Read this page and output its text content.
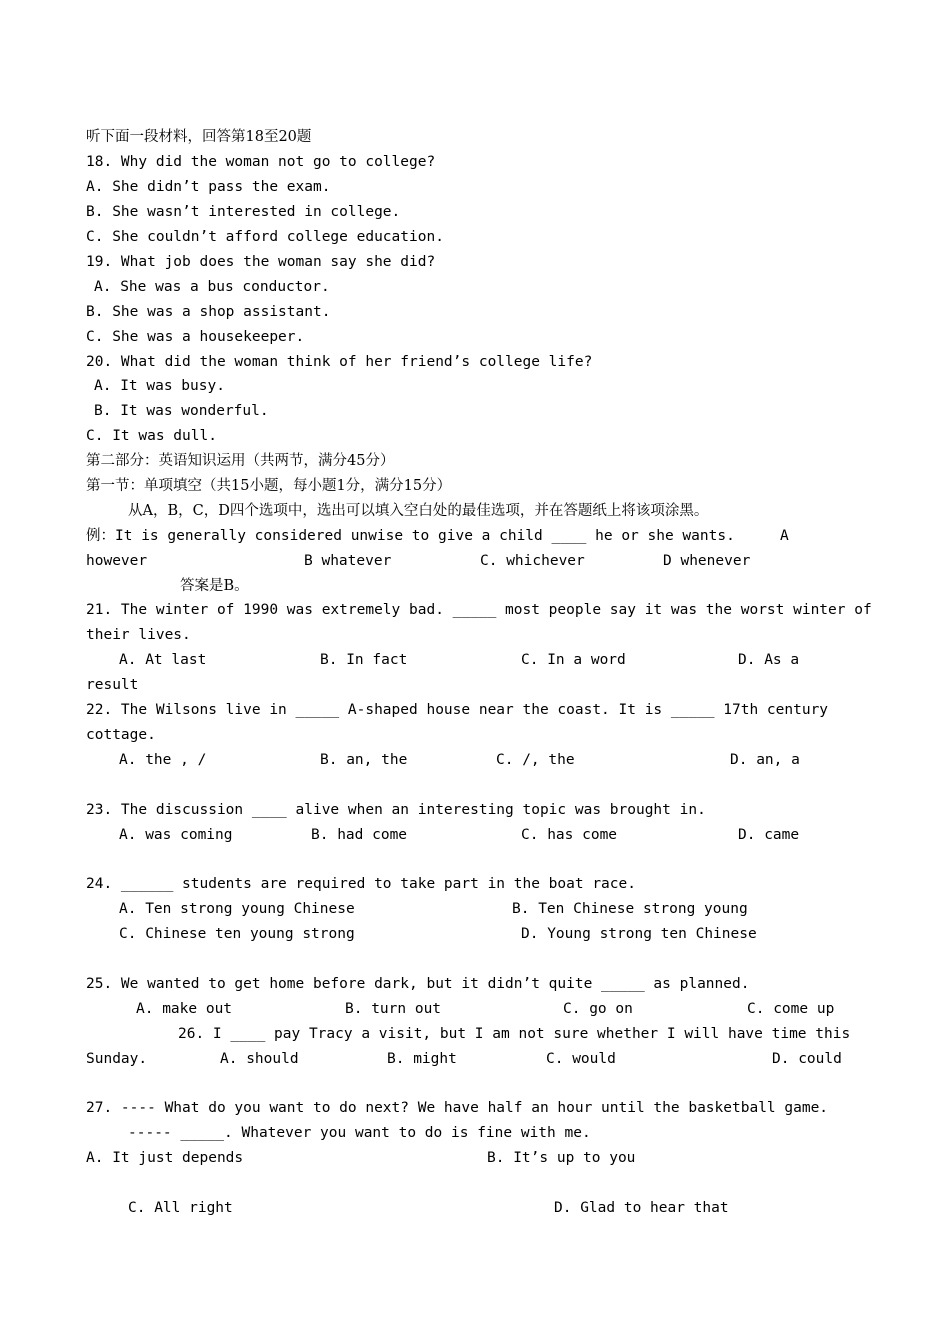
听下面一段材料，回答第18至20题
18. Why did the woman not go to college?
A. She didn’t pass the exam.
B. She wasn’t interested in college.
C. She couldn’t afford college education.
19. What job does the woman say she did?
A. She was a bus conductor.
B. She was a shop assistant.
C. She was a housekeeper.
20. What did the woman think of her friend’s college life?
A. It was busy.
B. It was wonderful.
C. It was dull.
第二部分：英语知识运用（共两节，满分45分）
第一节：单项填空（共15小题，每小题1分，满分15分）
从A，B，C，D四个选项中，选出可以填入空白处的最佳选项，并在答题纸上将该项涂黑。
例：It is generally considered unwise to give a child ____ he or she wants.	A
however	B whatever	C. whichever	D whenever
答案是B。
21. The winter of 1990 was extremely bad. _____ most people say it was the worst winter of
their lives.
A. At last	B. In fact	C. In a word	D. As a
result
22. The Wilsons live in _____ A-shaped house near the coast. It is _____ 17th century
cottage.
A. the , /	B. an, the	C. /, the	D. an, a
23. The discussion ____ alive when an interesting topic was brought in.
A. was coming	B. had come	C. has come	D. came
24. ______ students are required to take part in the boat race.
A. Ten strong young Chinese	B. Ten Chinese strong young
C. Chinese ten young strong	D. Young strong ten Chinese
25. We wanted to get home before dark, but it didn’t quite _____ as planned.
A. make out	B. turn out	C. go on	C. come up
26. I ____ pay Tracy a visit, but I am not sure whether I will have time this
Sunday.	A. should	B. might	C. would	D. could
27. ---- What do you want to do next? We have half an hour until the basketball game.
----- _____. Whatever you want to do is fine with me.
A. It just depends	B. It’s up to you
C. All right	D. Glad to hear that
